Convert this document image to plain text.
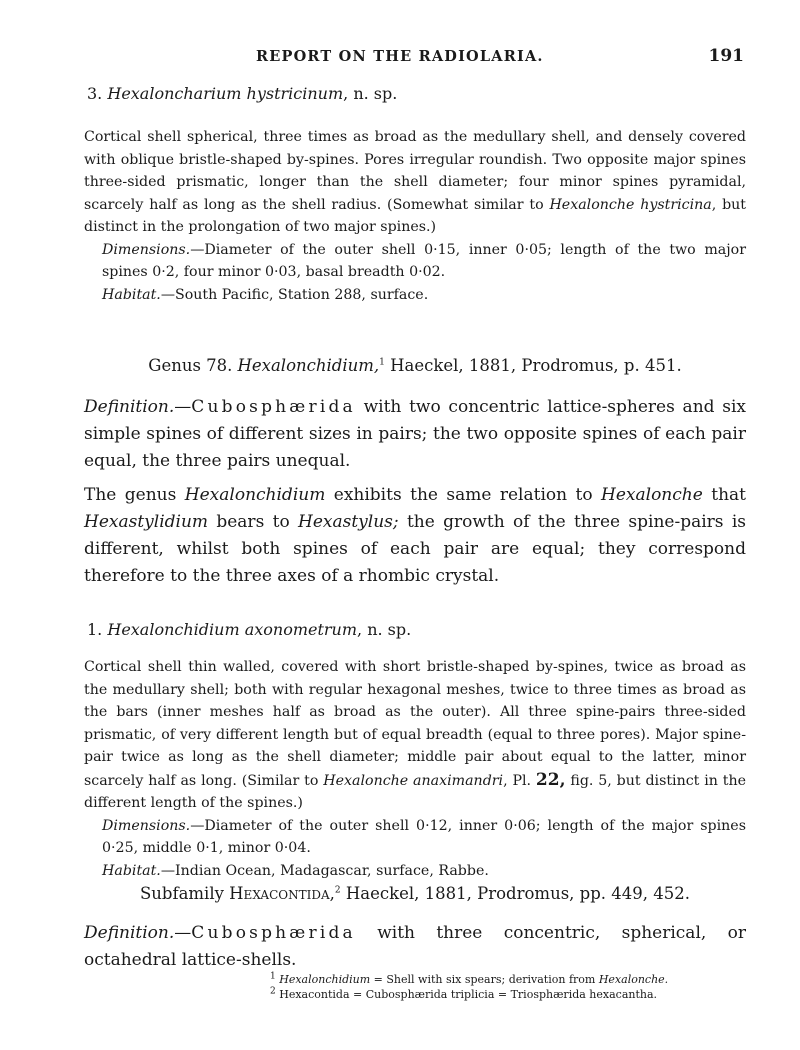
REPORT ON THE RADIOLARIA.	191
3. Hexaloncharium hystricinum, n. sp.

Cortical shell spherical, three times as broad as the medullary shell, and densely covered with oblique bristle-shaped by-spines. Pores irregular roundish. Two opposite major spines three-sided prismatic, longer than the shell diameter; four minor spines pyramidal, scarcely half as long as the shell radius. (Somewhat similar to Hexalonche hystricina, but distinct in the prolongation of two major spines.)

Dimensions.—Diameter of the outer shell 0·15, inner 0·05; length of the two major spines 0·2, four minor 0·03, basal breadth 0·02.

Habitat.—South Pacific, Station 288, surface.

Genus 78. Hexalonchidium,$^1$ Haeckel, 1881, Prodromus, p. 451.

Definition.—Cubosphærida with two concentric lattice-spheres and six simple spines of different sizes in pairs; the two opposite spines of each pair equal, the three pairs unequal.

The genus Hexalonchidium exhibits the same relation to Hexalonche that Hexastylidium bears to Hexastylus; the growth of the three spine-pairs is different, whilst both spines of each pair are equal; they correspond therefore to the three axes of a rhombic crystal.

1. Hexalonchidium axonometrum, n. sp.

Cortical shell thin walled, covered with short bristle-shaped by-spines, twice as broad as the medullary shell; both with regular hexagonal meshes, twice to three times as broad as the bars (inner meshes half as broad as the outer). All three spine-pairs three-sided prismatic, of very different length but of equal breadth (equal to three pores). Major spine-pair twice as long as the shell diameter; middle pair about equal to the latter, minor scarcely half as long. (Similar to Hexalonche anaximandri, Pl. 22, fig. 5, but distinct in the different length of the spines.)

Dimensions.—Diameter of the outer shell 0·12, inner 0·06; length of the major spines 0·25, middle 0·1, minor 0·04.

Habitat.—Indian Ocean, Madagascar, surface, Rabbe.

Subfamily Hexacontida,$^2$ Haeckel, 1881, Prodromus, pp. 449, 452.

Definition.—Cubosphærida with three concentric, spherical, or octahedral lattice-shells.

$^1$ Hexalonchidium = Shell with six spears; derivation from Hexalonche.
$^2$ Hexacontida = Cubosphærida triplicia = Triosphærida hexacantha.
